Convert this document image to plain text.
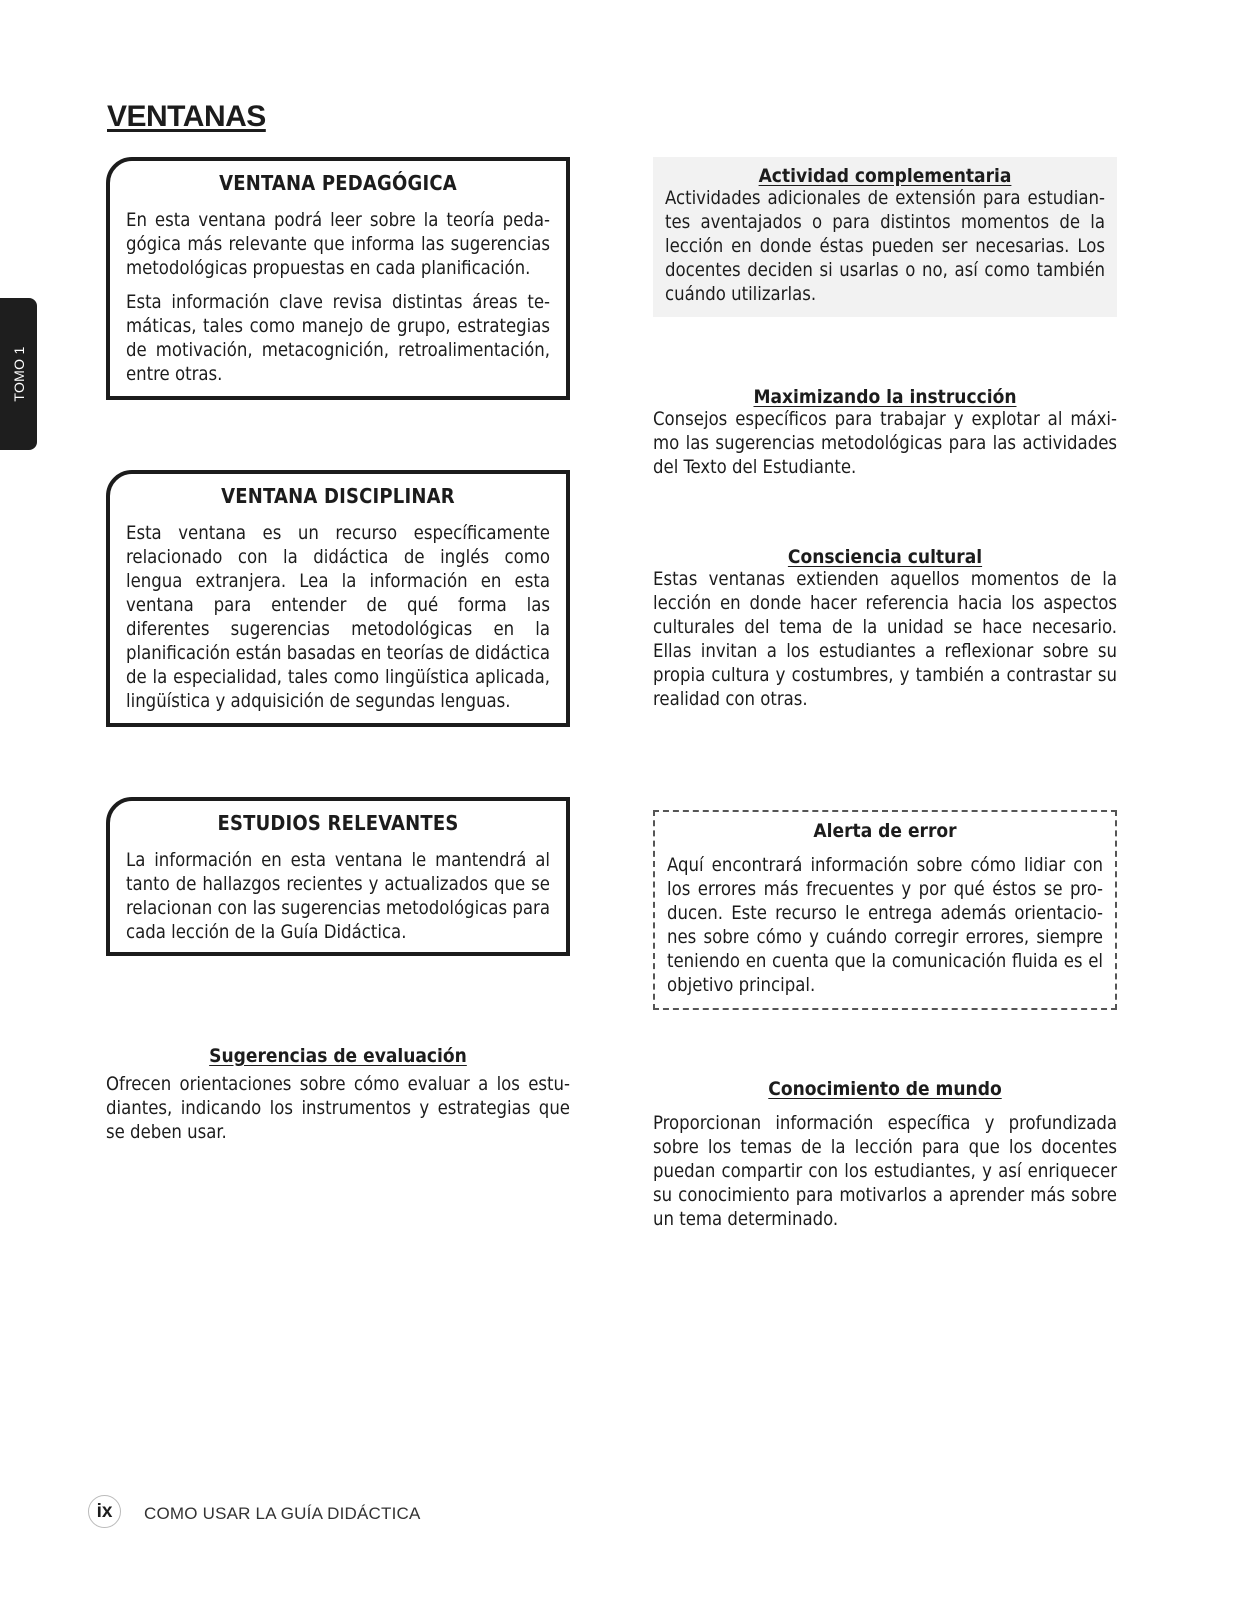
VENTANAS
TOMO 1
VENTANA PEDAGÓGICA

En esta ventana podrá leer sobre la teoría pedagógica más relevante que informa las sugerencias metodológicas propuestas en cada planificación.

Esta información clave revisa distintas áreas temáticas, tales como manejo de grupo, estrategias de motivación, metacognición, retroalimentación, entre otras.

VENTANA DISCIPLINAR

Esta ventana es un recurso específicamente relacionado con la didáctica de inglés como lengua extranjera. Lea la información en esta ventana para entender de qué forma las diferentes sugerencias metodológicas en la planificación están basadas en teorías de didáctica de la especialidad, tales como lingüística aplicada, lingüística y adquisición de segundas lenguas.

ESTUDIOS RELEVANTES

La información en esta ventana le mantendrá al tanto de hallazgos recientes y actualizados que se relacionan con las sugerencias metodológicas para cada lección de la Guía Didáctica.

Sugerencias de evaluación

Ofrecen orientaciones sobre cómo evaluar a los estudiantes, indicando los instrumentos y estrategias que se deben usar.

Actividad complementaria

Actividades adicionales de extensión para estudiantes aventajados o para distintos momentos de la lección en donde éstas pueden ser necesarias. Los docentes deciden si usarlas o no, así como también cuándo utilizarlas.

Maximizando la instrucción

Consejos específicos para trabajar y explotar al máximo las sugerencias metodológicas para las actividades del Texto del Estudiante.

Consciencia cultural

Estas ventanas extienden aquellos momentos de la lección en donde hacer referencia hacia los aspectos culturales del tema de la unidad se hace necesario. Ellas invitan a los estudiantes a reflexionar sobre su propia cultura y costumbres, y también a contrastar su realidad con otras.

Alerta de error

Aquí encontrará información sobre cómo lidiar con los errores más frecuentes y por qué éstos se producen. Este recurso le entrega además orientaciones sobre cómo y cuándo corregir errores, siempre teniendo en cuenta que la comunicación fluida es el objetivo principal.

Conocimiento de mundo

Proporcionan información específica y profundizada sobre los temas de la lección para que los docentes puedan compartir con los estudiantes, y así enriquecer su conocimiento para motivarlos a aprender más sobre un tema determinado.

ix	COMO USAR LA GUÍA DIDÁCTICA
